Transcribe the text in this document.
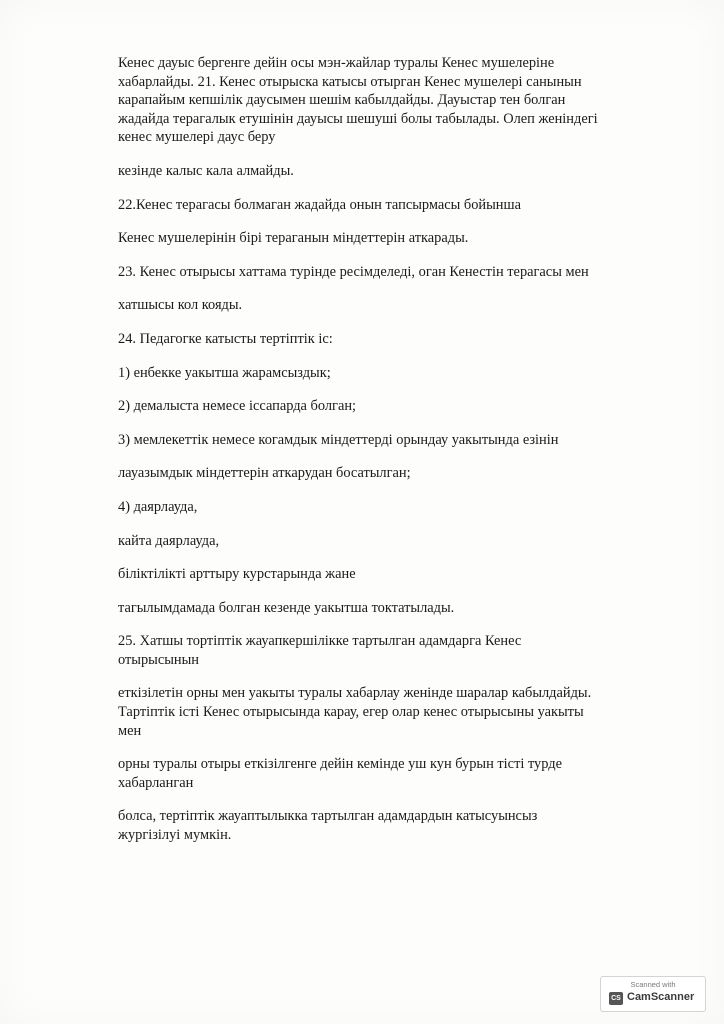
Кенес дауыс бергенге дейін осы мэн-жайлар туралы Кенес мушелеріне
хабарлайды. 21. Кенес отырыска катысы отырган Кенес мушелері санынын
карапайым кепшілік даусымен шешім кабылдайды. Дауыстар тен болган
жадайда терагалык етушінін дауысы шешуші болы табылады. Олеп женіндегі
кенес мушелері даус беру
кезінде калыс кала алмайды.
22.Кенес терагасы болмаган жадайда онын тапсырмасы бойынша
Кенес мушелерінін бірі тераганын міндеттерін аткарады.
23. Кенес отырысы хаттама турінде ресімделеді, оган Кенестін терагасы мен
хатшысы кол кояды.
24. Педагогке катысты тертіптік іс:
1) енбекке уакытша жарамсыздык;
2) демалыста немесе іссапарда болган;
3) мемлекеттік немесе когамдык міндеттерді орындау уакытында езінін
лауазымдык міндеттерін аткарудан босатылган;
4) даярлауда,
кайта даярлауда,
біліктілікті арттыру курстарында жане
тагылымдамада болган кезенде уакытша токтатылады.
25. Хатшы тортіптік жауапкершілікке тартылган адамдарга Кенес
отырысынын
еткізілетін орны мен уакыты туралы хабарлау женінде шаралар кабылдайды.
Тартіптік істі Кенес отырысында карау, егер олар кенес отырысыны уакыты
мен
орны туралы отыры еткізілгенге дейін кемінде уш кун бурын тісті турде
хабарланган
болса, тертіптік жауаптылыкка тартылган адамдардын катысуынсыз
жургізілуі мумкін.
Scanned with
CS CamScanner
